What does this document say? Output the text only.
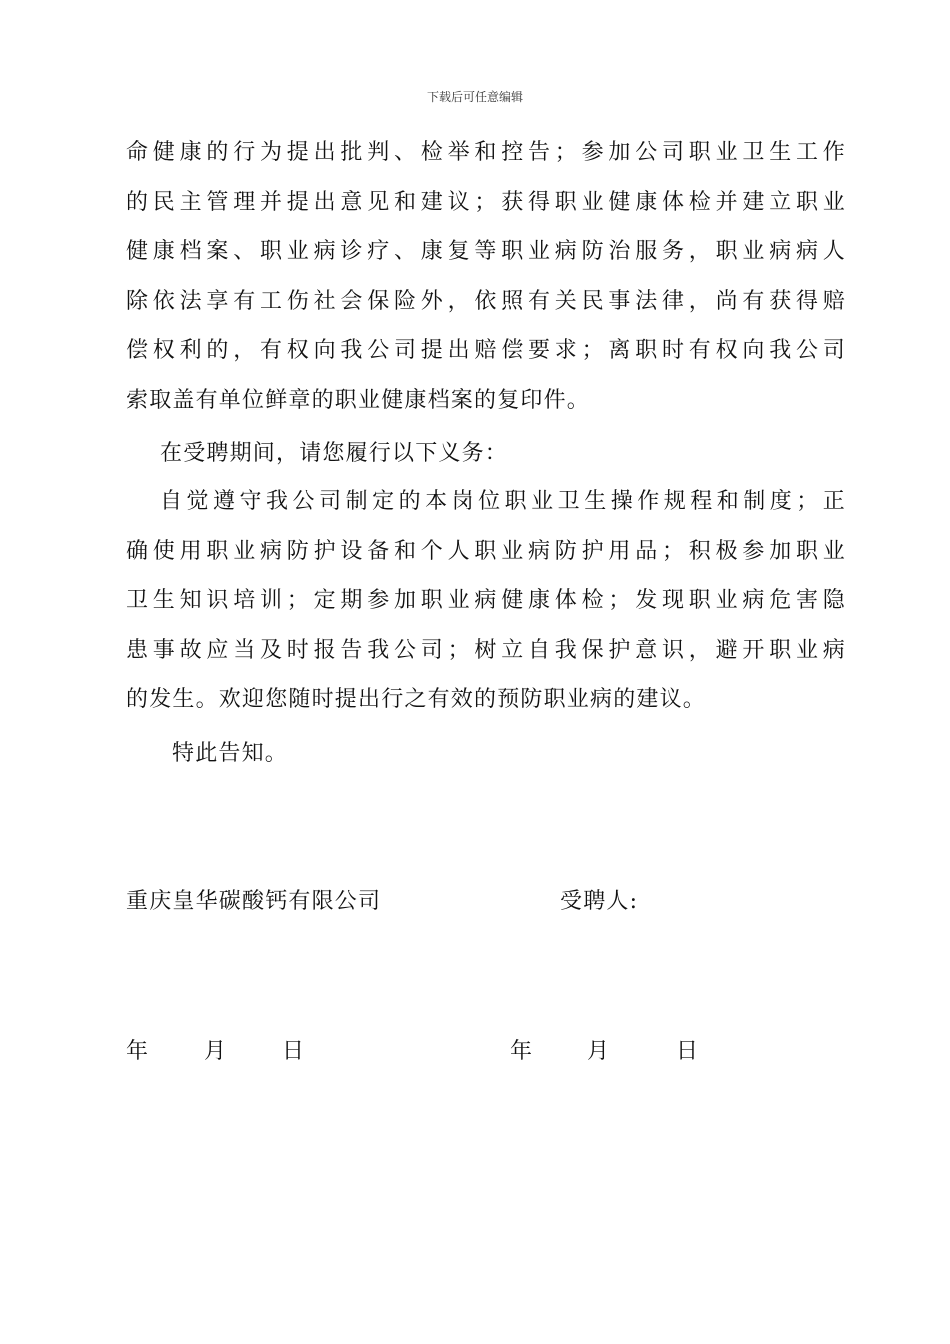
下载后可任意编辑
命健康的行为提出批判、检举和控告；参加公司职业卫生工作
的民主管理并提出意见和建议；获得职业健康体检并建立职业
健康档案、职业病诊疗、康复等职业病防治服务，职业病病人
除依法享有工伤社会保险外，依照有关民事法律，尚有获得赔
偿权利的，有权向我公司提出赔偿要求；离职时有权向我公司
索取盖有单位鲜章的职业健康档案的复印件。
在受聘期间，请您履行以下义务：
自觉遵守我公司制定的本岗位职业卫生操作规程和制度；正
确使用职业病防护设备和个人职业病防护用品；积极参加职业
卫生知识培训；定期参加职业病健康体检；发现职业病危害隐
患事故应当及时报告我公司；树立自我保护意识，避开职业病
的发生。欢迎您随时提出行之有效的预防职业病的建议。
特此告知。
重庆皇华碳酸钙有限公司	受聘人:
年	月	日	年 月	日
